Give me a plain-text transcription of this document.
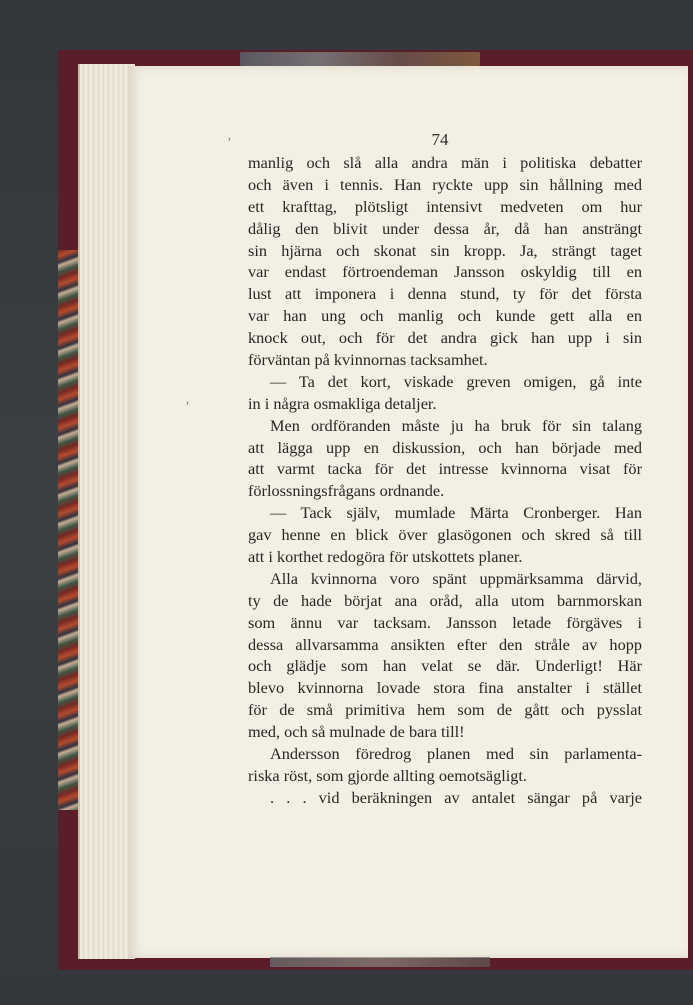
74
,
,
manlig och slå alla andra män i politiska debatter
och även i tennis. Han ryckte upp sin hållning med
ett krafttag, plötsligt intensivt medveten om hur
dålig den blivit under dessa år, då han ansträngt
sin hjärna och skonat sin kropp. Ja, strängt taget
var endast förtroendeman Jansson oskyldig till en
lust att imponera i denna stund, ty för det första
var han ung och manlig och kunde gett alla en
knock out, och för det andra gick han upp i sin
förväntan på kvinnornas tacksamhet.
— Ta det kort, viskade greven omigen, gå inte
in i några osmakliga detaljer.
Men ordföranden måste ju ha bruk för sin talang
att lägga upp en diskussion, och han började med
att varmt tacka för det intresse kvinnorna visat för
förlossningsfrågans ordnande.
— Tack själv, mumlade Märta Cronberger. Han
gav henne en blick över glasögonen och skred så till
att i korthet redogöra för utskottets planer.
Alla kvinnorna voro spänt uppmärksamma därvid,
ty de hade börjat ana oråd, alla utom barnmorskan
som ännu var tacksam. Jansson letade förgäves i
dessa allvarsamma ansikten efter den stråle av hopp
och glädje som han velat se där. Underligt! Här
blevo kvinnorna lovade stora fina anstalter i stället
för de små primitiva hem som de gått och pysslat
med, och så mulnade de bara till!
Andersson föredrog planen med sin parlamenta-
riska röst, som gjorde allting oemotsägligt.
. . . vid beräkningen av antalet sängar på varje
